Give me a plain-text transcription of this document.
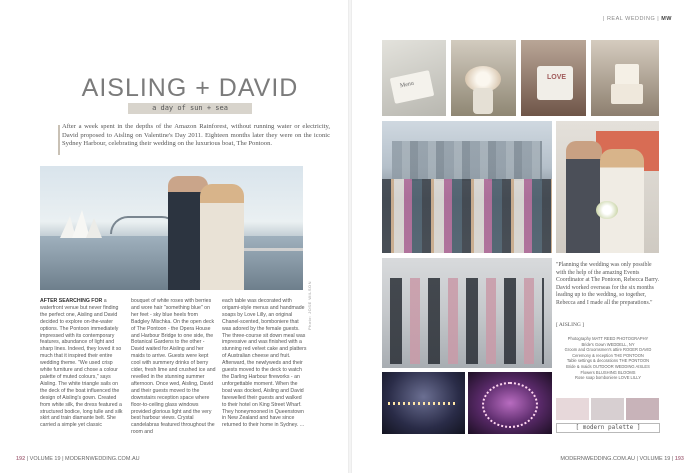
AISLING + DAVID
a day of sun + sea
After a week spent in the depths of the Amazon Rainforest, without running water or electricity, David proposed to Aisling on Valentine's Day 2011. Eighteen months later they were on the iconic Sydney Harbour, celebrating their wedding on the luxurious boat, The Pontoon.
Photo: JOSE WILSON
AFTER SEARCHING FOR a waterfront venue but never finding the perfect one, Aisling and David decided to explore on-the-water options. The Pontoon immediately impressed with its contemporary features, abundance of light and sharp lines. Indeed, they loved it so much that it inspired their entire wedding theme. "We used crisp white furniture and chose a colour palette of muted colours," says Aisling. The white triangle sails on the deck of the boat influenced the design of Aisling's gown. Created from white silk, the dress featured a structured bodice, long tulle and silk skirt and train diamante belt. She carried a simple yet classic
bouquet of white roses with berries and wore hair "something blue" on her feet - sky blue heels from Badgley Mischka. On the open deck of The Pontoon - the Opera House and Harbour Bridge to one side, the Botanical Gardens to the other - David waited for Aisling and her maids to arrive. Guests were kept cool with summery drinks of berry cider, fresh lime and crushed ice and revelled in the stunning summer afternoon. Once wed, Aisling, David and their guests moved to the downstairs reception space where floor-to-ceiling glass windows provided glorious light and the very best harbour views. Crystal candelabras featured throughout the room and
each table was decorated with origami-style menus and handmade soaps by Love Lilly, an original Chanel-scented, bomboniere that was adored by the female guests. The three-course sit down meal was impressive and was finished with a stunning red velvet cake and platters of Australian cheese and fruit. Afterward, the newlyweds and their guests moved to the deck to watch the Darling Harbour fireworks - an unforgettable moment. When the boat was docked, Aisling and David farewelled their guests and walked to their hotel on King Street Wharf. They honeymooned in Queenstown in New Zealand and have since returned to their home in Sydney. ...
192 | VOLUME 19 | MODERNWEDDING.COM.AU
| REAL WEDDING | MW
Menu
LOVE
"Planning the wedding was only possible with the help of the amazing Events Coordinator at The Pontoon, Rebecca Barry. David worked overseas for the six months leading up to the wedding, so together, Rebecca and I made all the preparations."
[ AISLING ]
Photography MATT REED PHOTOGRAPHY
Bride's Gown WEDDELL, NY
Groom and Groomsmen's attire ROGER DAVID
Ceremony & reception THE PONTOON
Table settings & decorations THE PONTOON
Bride & maids OUTDOOR WEDDING AISLES
Flowers BLUSHING BLOOMS
Rose soap bomboniere LOVE LILLY
[ modern palette ]
MODERNWEDDING.COM.AU | VOLUME 19 | 193
